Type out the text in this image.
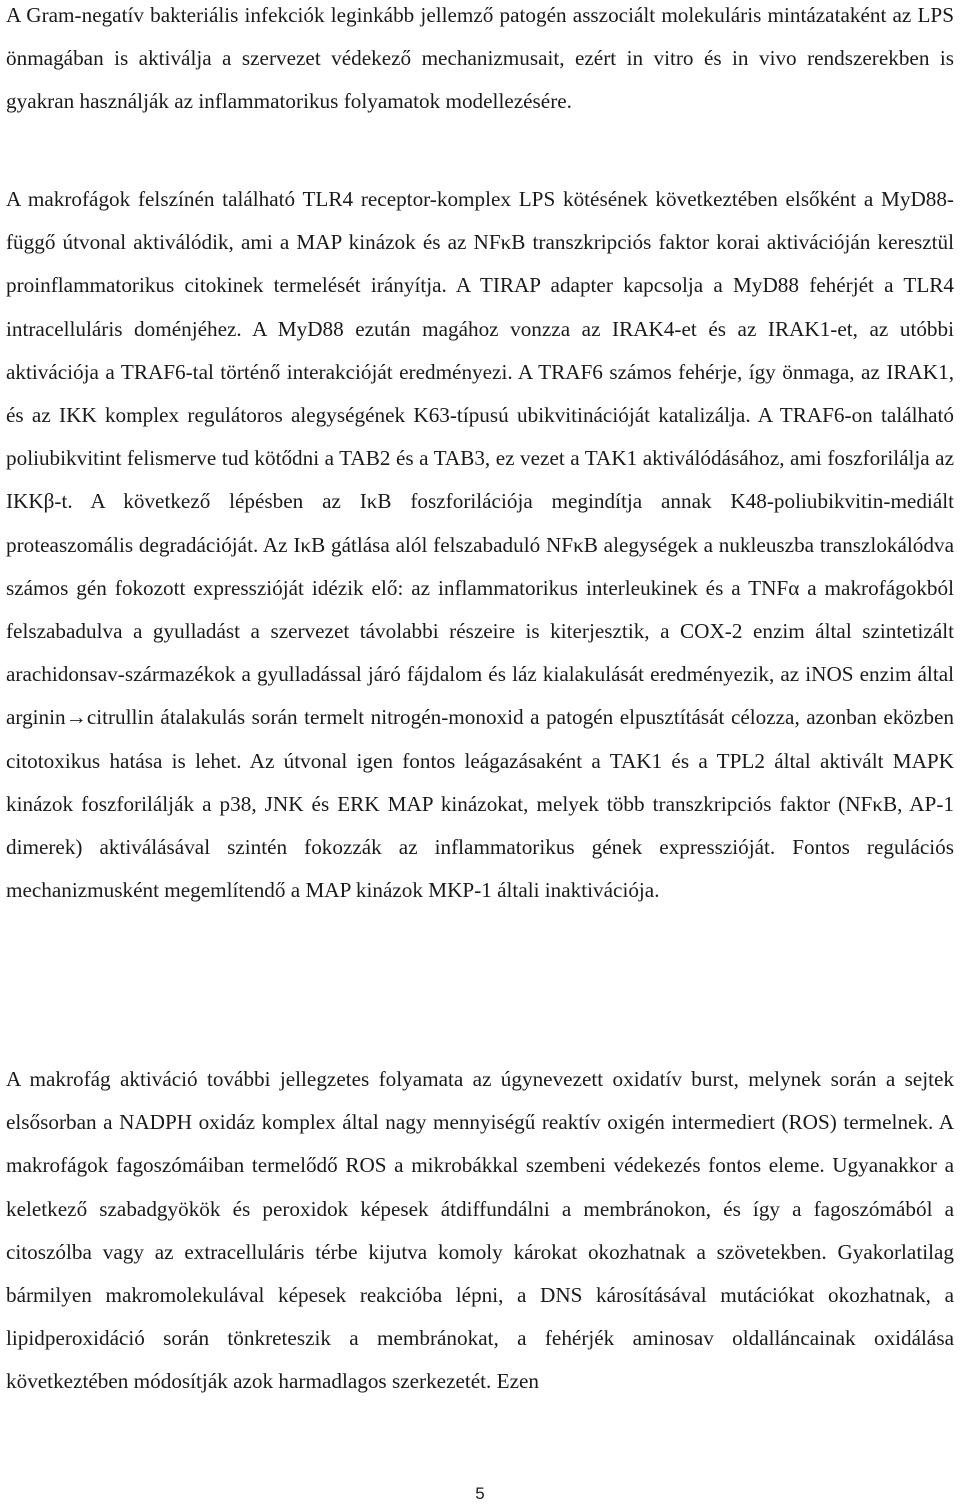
A Gram-negatív bakteriális infekciók leginkább jellemző patogén asszociált molekuláris mintázataként az LPS önmagában is aktiválja a szervezet védekező mechanizmusait, ezért in vitro és in vivo rendszerekben is gyakran használják az inflammatorikus folyamatok modellezésére.

A makrofágok felszínén található TLR4 receptor-komplex LPS kötésének következtében elsőként a MyD88-függő útvonal aktiválódik, ami a MAP kinázok és az NFκB transzkripciós faktor korai aktivációján keresztül proinflammatorikus citokinek termelését irányítja. A TIRAP adapter kapcsolja a MyD88 fehérjét a TLR4 intracelluláris doménjéhez. A MyD88 ezután magához vonzza az IRAK4-et és az IRAK1-et, az utóbbi aktivációja a TRAF6-tal történő interakcióját eredményezi. A TRAF6 számos fehérje, így önmaga, az IRAK1, és az IKK komplex regulátoros alegységének K63-típusú ubikvitinációját katalizálja. A TRAF6-on található poliubikvitint felismerve tud kötődni a TAB2 és a TAB3, ez vezet a TAK1 aktiválódásához, ami foszforilálja az IKKβ-t. A következő lépésben az IκB foszforilációja megindítja annak K48-poliubikvitin-mediált proteaszomális degradációját. Az IκB gátlása alól felszabaduló NFκB alegységek a nukleuszba transzlokálódva számos gén fokozott expresszióját idézik elő: az inflammatorikus interleukinek és a TNFα a makrofágokból felszabadulva a gyulladást a szervezet távolabbi részeire is kiterjesztik, a COX-2 enzim által szintetizált arachidonsav-származékok a gyulladással járó fájdalom és láz kialakulását eredményezik, az iNOS enzim által arginin→citrullin átalakulás során termelt nitrogén-monoxid a patogén elpusztítását célozza, azonban eközben citotoxikus hatása is lehet. Az útvonal igen fontos leágazásaként a TAK1 és a TPL2 által aktivált MAPK kinázok foszforilálják a p38, JNK és ERK MAP kinázokat, melyek több transzkripciós faktor (NFκB, AP-1 dimerek) aktiválásával szintén fokozzák az inflammatorikus gének expresszióját. Fontos regulációs mechanizmusként megemlítendő a MAP kinázok MKP-1 általi inaktivációja.

A makrofág aktiváció további jellegzetes folyamata az úgynevezett oxidatív burst, melynek során a sejtek elsősorban a NADPH oxidáz komplex által nagy mennyiségű reaktív oxigén intermediert (ROS) termelnek. A makrofágok fagoszómáiban termelődő ROS a mikrobákkal szembeni védekezés fontos eleme. Ugyanakkor a keletkező szabadgyökök és peroxidok képesek átdiffundálni a membránokon, és így a fagoszómából a citoszólba vagy az extracelluláris térbe kijutva komoly károkat okozhatnak a szövetekben. Gyakorlatilag bármilyen makromolekulával képesek reakcióba lépni, a DNS károsításával mutációkat okozhatnak, a lipidperoxidáció során tönkreteszik a membránokat, a fehérjék aminosav oldalláncainak oxidálása következtében módosítják azok harmadlagos szerkezetét. Ezen

5
